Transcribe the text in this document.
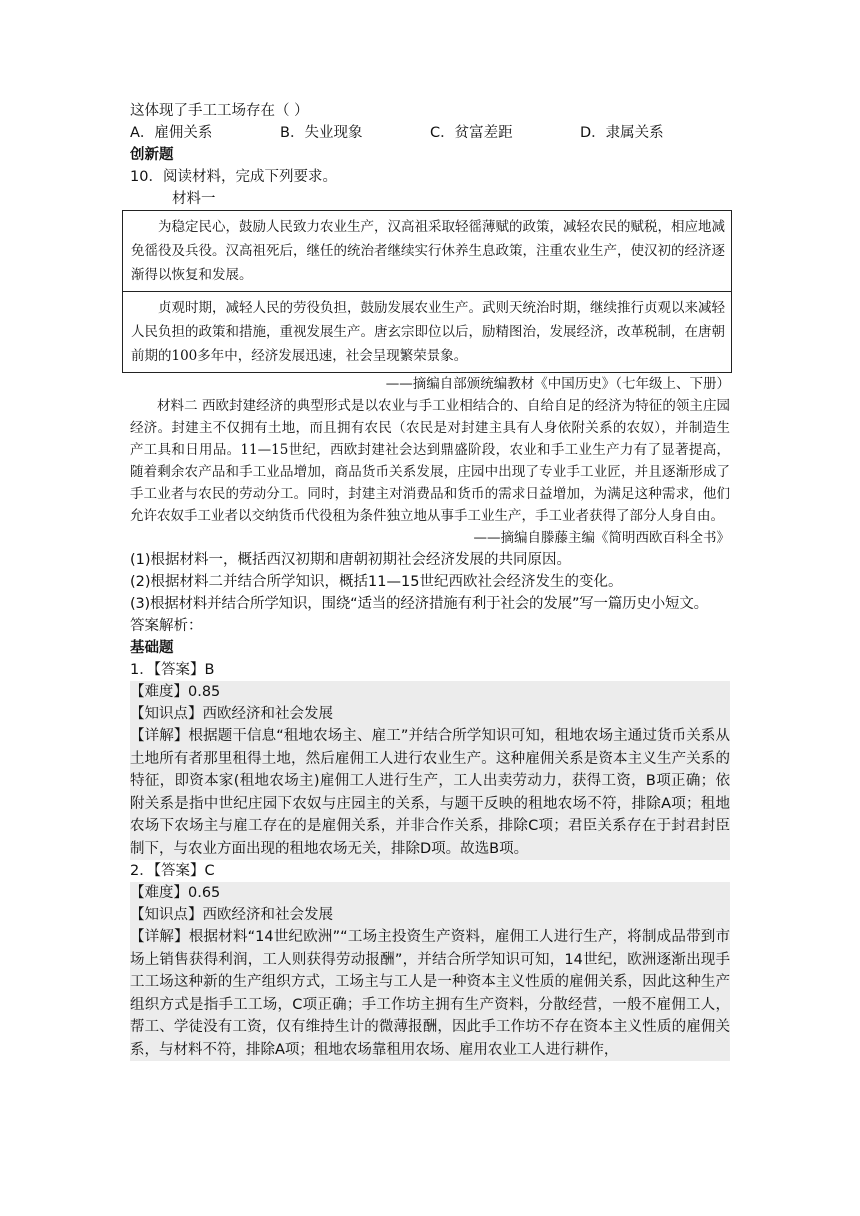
这体现了手工工场存在（ ）
A．雇佣关系	B．失业现象	C．贫富差距	D．隶属关系
创新题
10．阅读材料，完成下列要求。
材料一

为稳定民心，鼓励人民致力农业生产，汉高祖采取轻徭薄赋的政策，减轻农民的赋税，相应地减免徭役及兵役。汉高祖死后，继任的统治者继续实行休养生息政策，注重农业生产，使汉初的经济逐渐得以恢复和发展。

贞观时期，减轻人民的劳役负担，鼓励发展农业生产。武则天统治时期，继续推行贞观以来减轻人民负担的政策和措施，重视发展生产。唐玄宗即位以后，励精图治，发展经济，改革税制，在唐朝前期的100多年中，经济发展迅速，社会呈现繁荣景象。

——摘编自部颁统编教材《中国历史》（七年级上、下册）

材料二 西欧封建经济的典型形式是以农业与手工业相结合的、自给自足的经济为特征的领主庄园经济。封建主不仅拥有土地，而且拥有农民（农民是对封建主具有人身依附关系的农奴），并制造生产工具和日用品。11—15世纪，西欧封建社会达到鼎盛阶段，农业和手工业生产力有了显著提高，随着剩余农产品和手工业品增加，商品货币关系发展，庄园中出现了专业手工业匠，并且逐渐形成了手工业者与农民的劳动分工。同时，封建主对消费品和货币的需求日益增加，为满足这种需求，他们允许农奴手工业者以交纳货币代役租为条件独立地从事手工业生产，手工业者获得了部分人身自由。

——摘编自滕藤主编《简明西欧百科全书》
(1)根据材料一，概括西汉初期和唐朝初期社会经济发展的共同原因。
(2)根据材料二并结合所学知识，概括11—15世纪西欧社会经济发生的变化。
(3)根据材料并结合所学知识，围绕“适当的经济措施有利于社会的发展”写一篇历史小短文。
答案解析：
基础题
1．【答案】B
【难度】0.85
【知识点】西欧经济和社会发展

【详解】根据题干信息“租地农场主、雇工”并结合所学知识可知，租地农场主通过货币关系从土地所有者那里租得土地，然后雇佣工人进行农业生产。这种雇佣关系是资本主义生产关系的特征，即资本家(租地农场主)雇佣工人进行生产，工人出卖劳动力，获得工资，B项正确；依附关系是指中世纪庄园下农奴与庄园主的关系，与题干反映的租地农场不符，排除A项；租地农场下农场主与雇工存在的是雇佣关系，并非合作关系，排除C项；君臣关系存在于封君封臣制下，与农业方面出现的租地农场无关，排除D项。故选B项。

2．【答案】C
【难度】0.65
【知识点】西欧经济和社会发展

【详解】根据材料“14世纪欧洲”“工场主投资生产资料，雇佣工人进行生产，将制成品带到市场上销售获得利润，工人则获得劳动报酬”，并结合所学知识可知，14世纪，欧洲逐渐出现手工工场这种新的生产组织方式，工场主与工人是一种资本主义性质的雇佣关系，因此这种生产组织方式是指手工工场，C项正确；手工作坊主拥有生产资料，分散经营，一般不雇佣工人，帮工、学徒没有工资，仅有维持生计的微薄报酬，因此手工作坊不存在资本主义性质的雇佣关系，与材料不符，排除A项；租地农场靠租用农场、雇用农业工人进行耕作，
